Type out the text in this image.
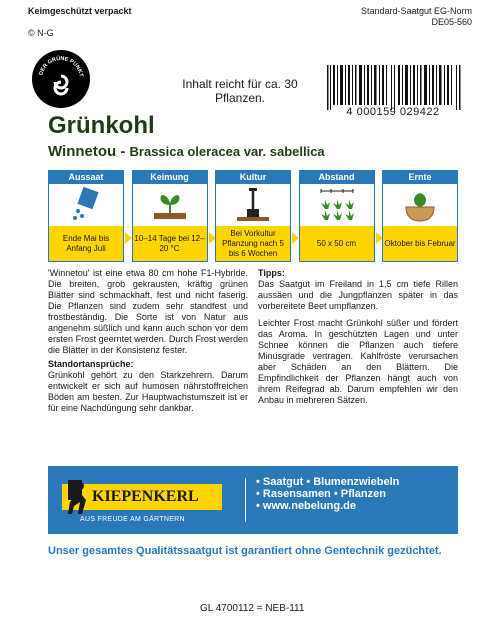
Keimgeschützt verpackt	Standard-Saatgut EG-Norm
DE05-560
© N-G
DER GRÜNE PUNKT
Inhalt reicht für ca. 30 Pflanzen.
4 000159 029422
Grünkohl
Winnetou - Brassica oleracea var. sabellica
Aussaat
Ende Mai bis Anfang Juli
Keimung
10–14 Tage bei 12–20 °C
Kultur
Bei Vorkultur Pflanzung nach 5 bis 6 Wochen
Abstand
50 x 50 cm
Ernte
Oktober bis Februar

'Winnetou' ist eine etwa 80 cm hohe F1-Hybride. Die breiten, grob gekrausten, kräftig grünen Blätter sind schmackhaft, fest und nicht faserig. Die Pflanzen sind zudem sehr standfest und frostbeständig. Die Sorte ist von Natur aus angenehm süßlich und kann auch schon vor dem ersten Frost geerntet werden. Durch Frost werden die Blätter in der Konsistenz fester.

Standortansprüche:

Grünkohl gehört zu den Starkzehrern. Darum entwickelt er sich auf humosen nährstoffreichen Böden am besten. Zur Hauptwachstumszeit ist er für eine Nachdüngung sehr dankbar.

Tipps:

Das Saatgut im Freiland in 1,5 cm tiefe Rillen aussäen und die Jungpflanzen später in das vorbereitete Beet umpflanzen.

Leichter Frost macht Grünkohl süßer und fördert das Aroma. In geschützten Lagen und unter Schnee können die Pflanzen auch tiefere Minusgrade vertragen. Kahlfröste verursachen aber Schäden an den Blättern. Die Empfindlichkeit der Pflanzen hängt auch von ihrem Reifegrad ab. Darum empfehlen wir den Anbau in mehreren Sätzen.

KIEPENKERL
AUS FREUDE AM GÄRTNERN
• Saatgut • Blumenzwiebeln
• Rasensamen • Pflanzen
• www.nebelung.de
Unser gesamtes Qualitätssaatgut ist garantiert ohne Gentechnik gezüchtet.
GL 4700112 = NEB-111
